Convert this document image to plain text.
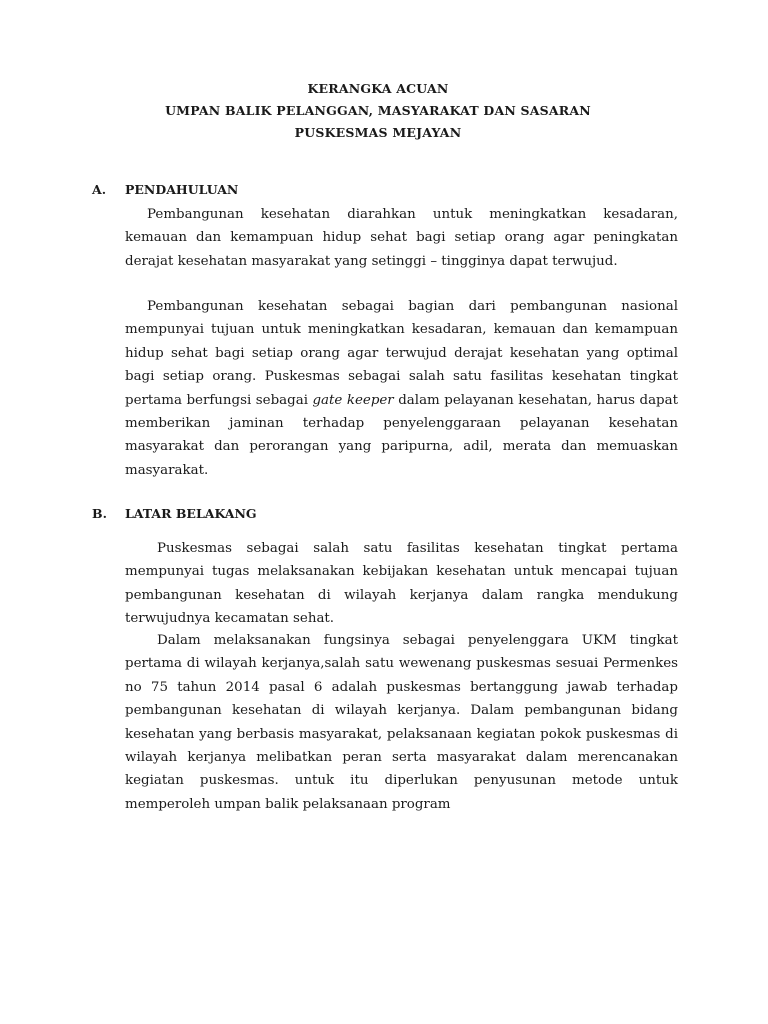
KERANGKA ACUAN
UMPAN BALIK PELANGGAN, MASYARAKAT DAN SASARAN
PUSKESMAS MEJAYAN
A. PENDAHULUAN

Pembangunan kesehatan diarahkan untuk meningkatkan kesadaran, kemauan dan kemampuan hidup sehat bagi setiap orang agar peningkatan derajat kesehatan masyarakat yang setinggi – tingginya dapat terwujud.

Pembangunan kesehatan sebagai bagian dari pembangunan nasional mempunyai tujuan untuk meningkatkan kesadaran, kemauan dan kemampuan hidup sehat bagi setiap orang agar terwujud derajat kesehatan yang optimal bagi setiap orang. Puskesmas sebagai salah satu fasilitas kesehatan tingkat pertama berfungsi sebagai gate keeper dalam pelayanan kesehatan, harus dapat memberikan jaminan terhadap penyelenggaraan pelayanan kesehatan masyarakat dan perorangan yang paripurna, adil, merata dan memuaskan masyarakat.

B. LATAR BELAKANG

Puskesmas sebagai salah satu fasilitas kesehatan tingkat pertama mempunyai tugas melaksanakan kebijakan kesehatan untuk mencapai tujuan pembangunan kesehatan di wilayah kerjanya dalam rangka mendukung terwujudnya kecamatan sehat.

Dalam melaksanakan fungsinya sebagai penyelenggara UKM tingkat pertama di wilayah kerjanya,salah satu wewenang puskesmas sesuai Permenkes no 75 tahun 2014 pasal 6 adalah puskesmas bertanggung jawab terhadap pembangunan kesehatan di wilayah kerjanya. Dalam pembangunan bidang kesehatan yang berbasis masyarakat, pelaksanaan kegiatan pokok puskesmas di wilayah kerjanya melibatkan peran serta masyarakat dalam merencanakan kegiatan puskesmas. untuk itu diperlukan penyusunan metode untuk memperoleh umpan balik pelaksanaan program
